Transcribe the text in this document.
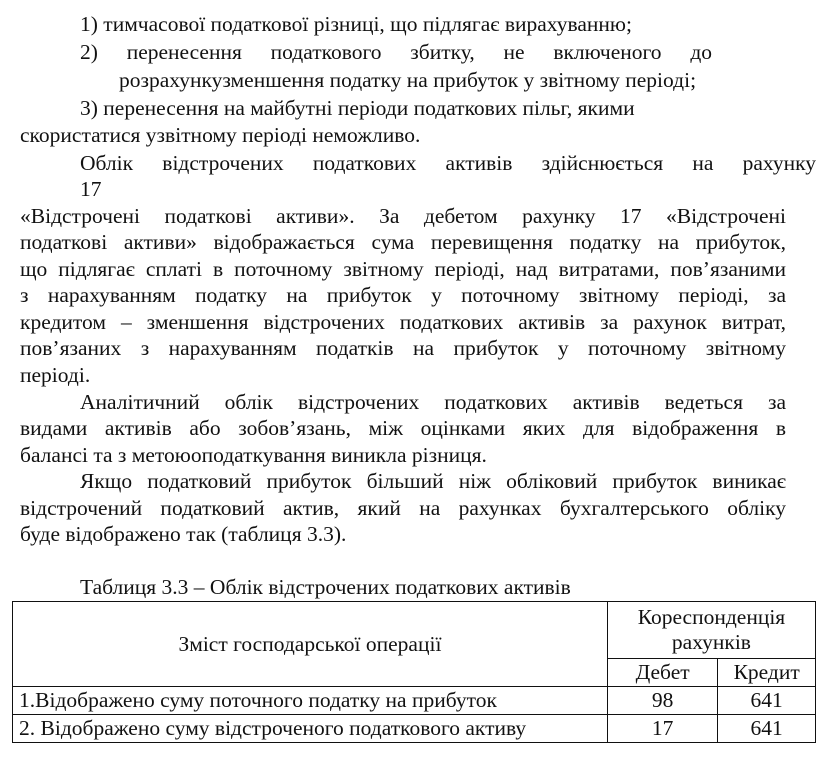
1) тимчасової податкової різниці, що підлягає вирахуванню;
2) перенесення податкового збитку, не включеного до
розрахункузменшення податку на прибуток у звітному періоді;
3) перенесення на майбутні періоди податкових пільг, якими
скористатися узвітному періоді неможливо.
Облік відстрочених податкових активів здійснюється на рахунку
17
«Відстрочені податкові активи». За дебетом рахунку 17 «Відстрочені
податкові активи» відображається сума перевищення податку на прибуток,
що підлягає сплаті в поточному звітному періоді, над витратами, пов’язаними
з нарахуванням податку на прибуток у поточному звітному періоді, за
кредитом – зменшення відстрочених податкових активів за рахунок витрат,
пов’язаних з нарахуванням податків на прибуток у поточному звітному
періоді.
Аналітичний облік відстрочених податкових активів ведеться за
видами активів або зобов’язань, між оцінками яких для відображення в
балансі та з метоюоподаткування виникла різниця.
Якщо податковий прибуток більший ніж обліковий прибуток виникає
відстрочений податковий актив, який на рахунках бухгалтерського обліку
буде відображено так (таблиця 3.3).
Таблиця 3.3 – Облік відстрочених податкових активів
Зміст господарської операції	Кореспонденція
рахунків	

	Дебет	Кредит
1.Відображено суму поточного податку на прибуток	98	641
2. Відображено суму відстроченого податкового активу	17	641
